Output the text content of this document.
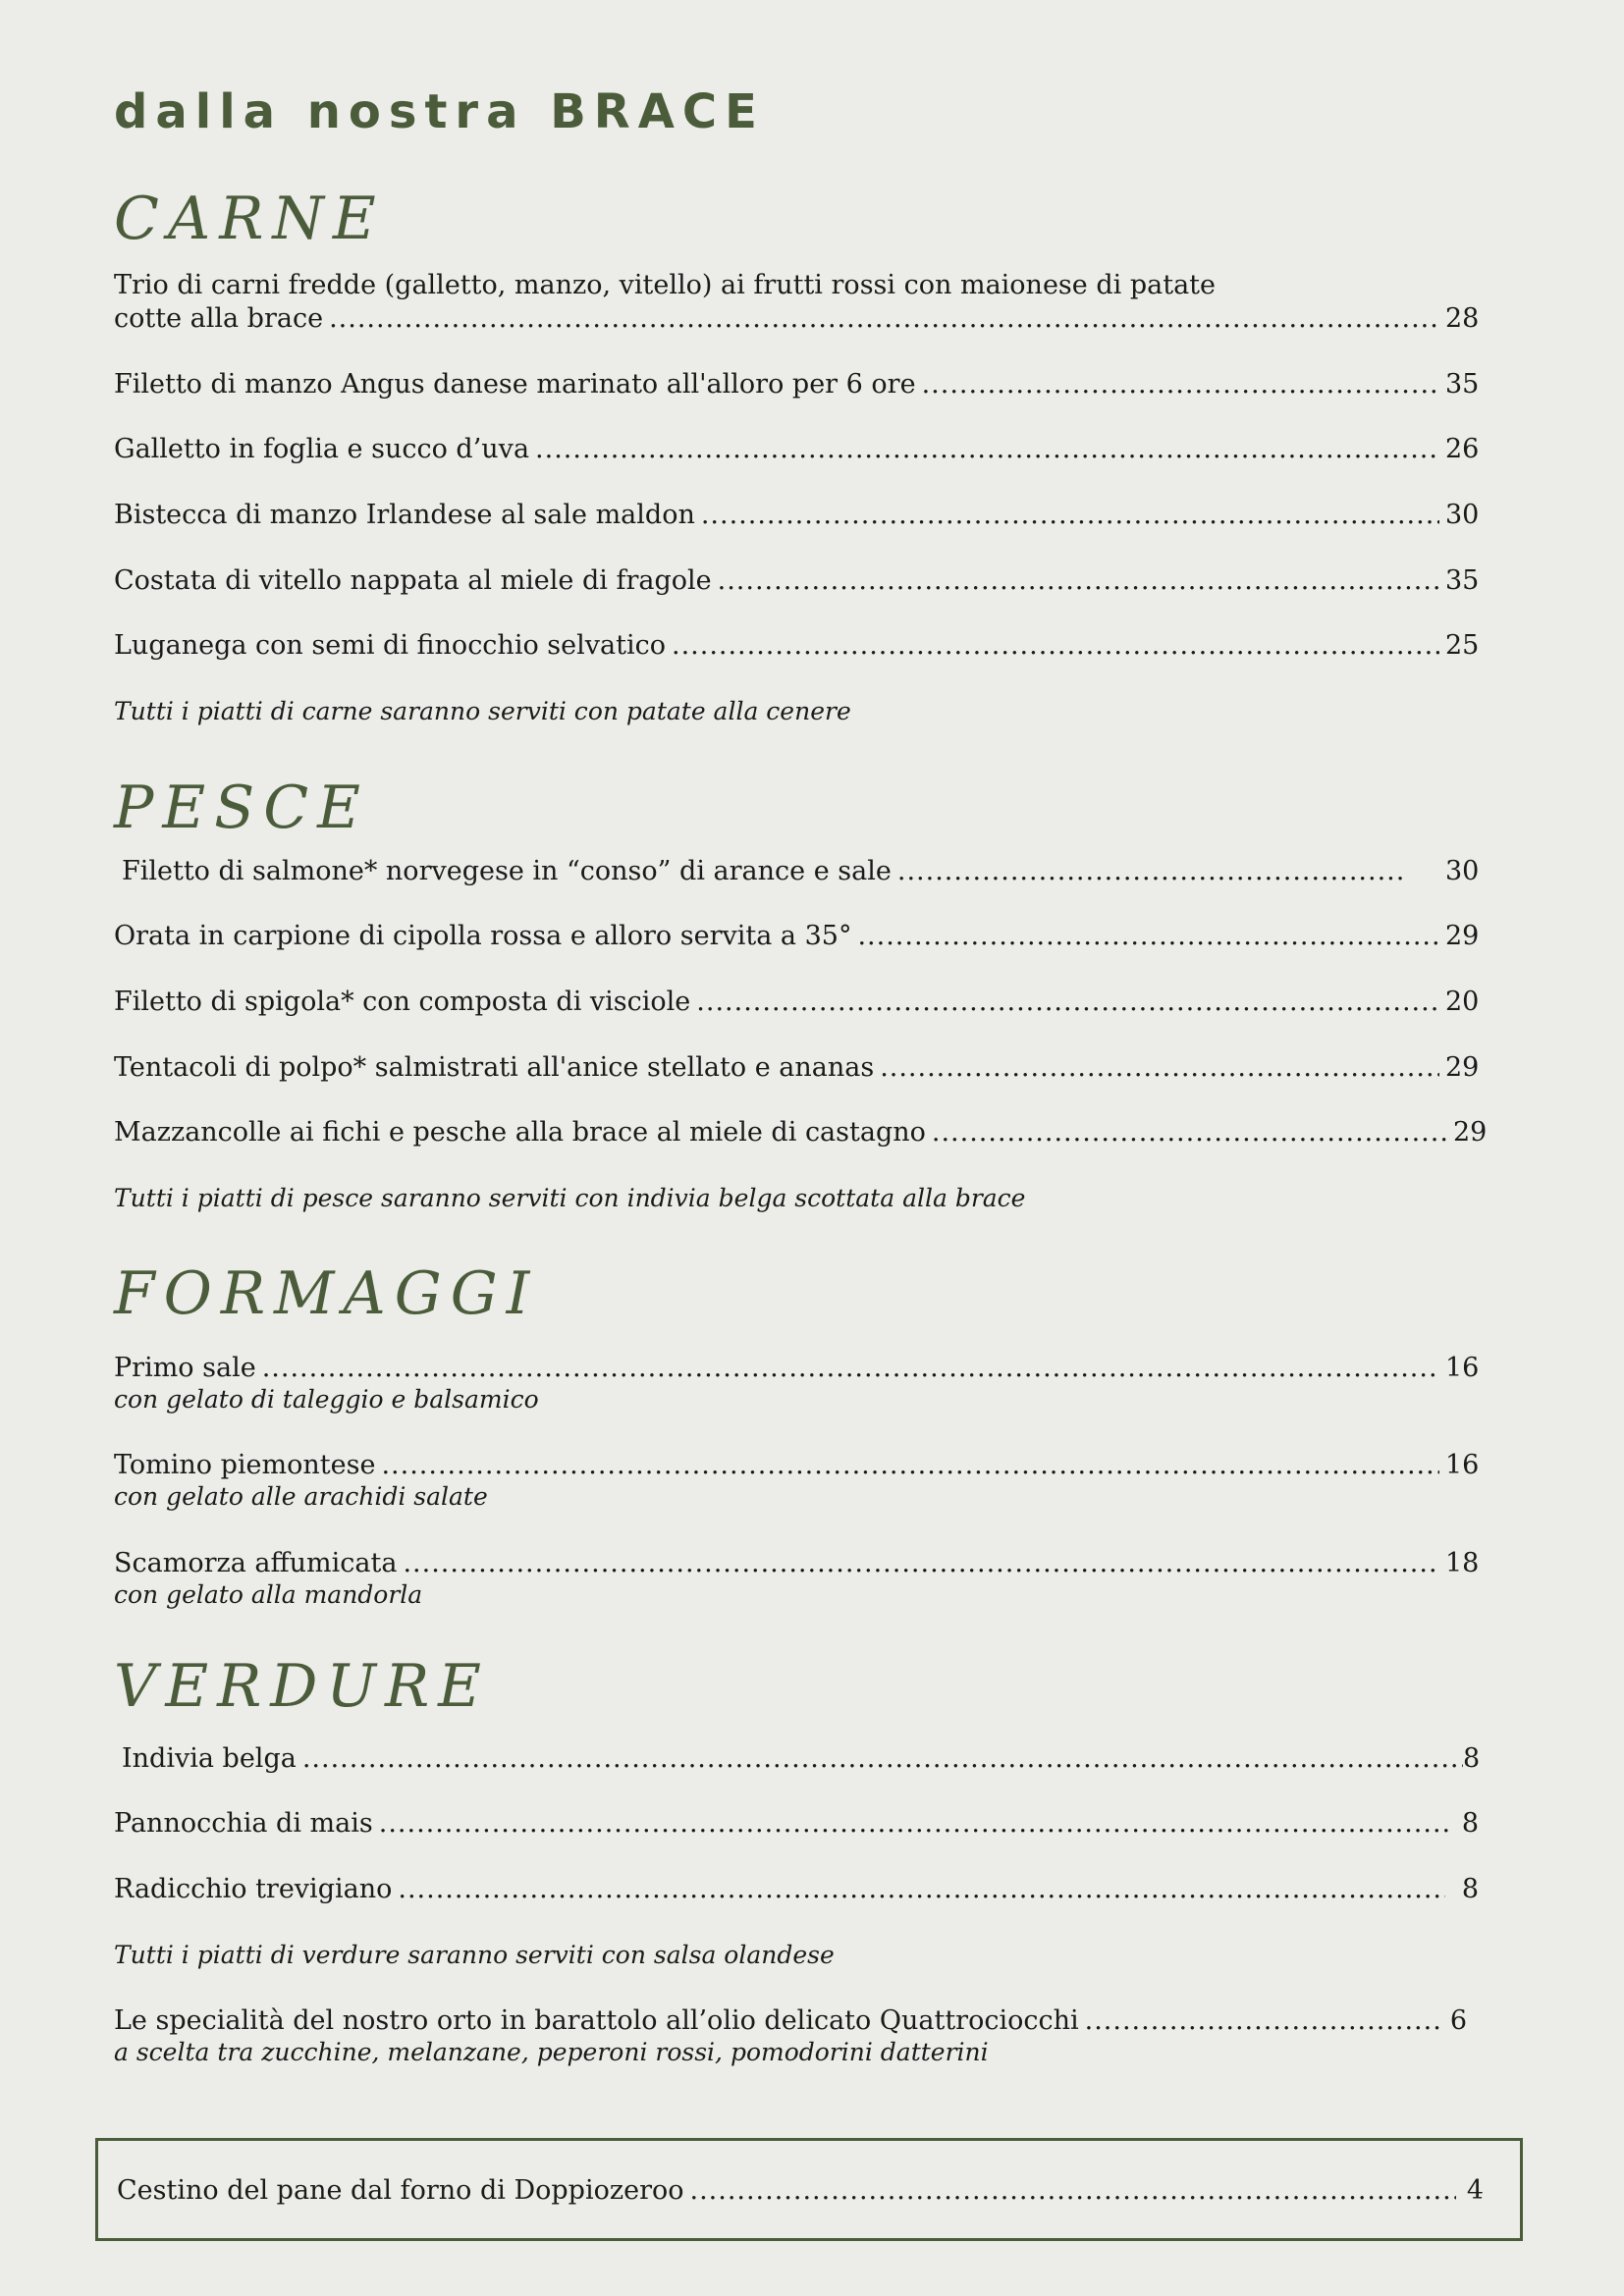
dalla nostra BRACE
CARNE
Trio di carni fredde (galletto, manzo, vitello) ai frutti rossi con maionese di patate
cotte alla brace .....	28
Filetto di manzo Angus danese marinato all'alloro per 6 ore .....	35
Galletto in foglia e succo d’uva .....	26
Bistecca di manzo Irlandese al sale maldon .....	30
Costata di vitello nappata al miele di fragole .....	35
Luganega con semi di finocchio selvatico .....	25
Tutti i piatti di carne saranno serviti con patate alla cenere
PESCE
Filetto di salmone* norvegese in “conso” di arance e sale .....	30
Orata in carpione di cipolla rossa e alloro servita a 35° .....	29
Filetto di spigola* con composta di visciole .....	20
Tentacoli di polpo* salmistrati all'anice stellato e ananas .....	29
Mazzancolle ai fichi e pesche alla brace al miele di castagno .....	29
Tutti i piatti di pesce saranno serviti con indivia belga scottata alla brace
FORMAGGI
Primo sale .....	16
con gelato di taleggio e balsamico
Tomino piemontese .....	16
con gelato alle arachidi salate
Scamorza affumicata .....	18
con gelato alla mandorla
VERDURE
Indivia belga .....	8
Pannocchia di mais .....	8
Radicchio trevigiano .....	8
Tutti i piatti di verdure saranno serviti con salsa olandese
Le specialità del nostro orto in barattolo all’olio delicato Quattrociocchi .....	6
a scelta tra zucchine, melanzane, peperoni rossi, pomodorini datterini
Cestino del pane dal forno di Doppiozeroo .....	4
